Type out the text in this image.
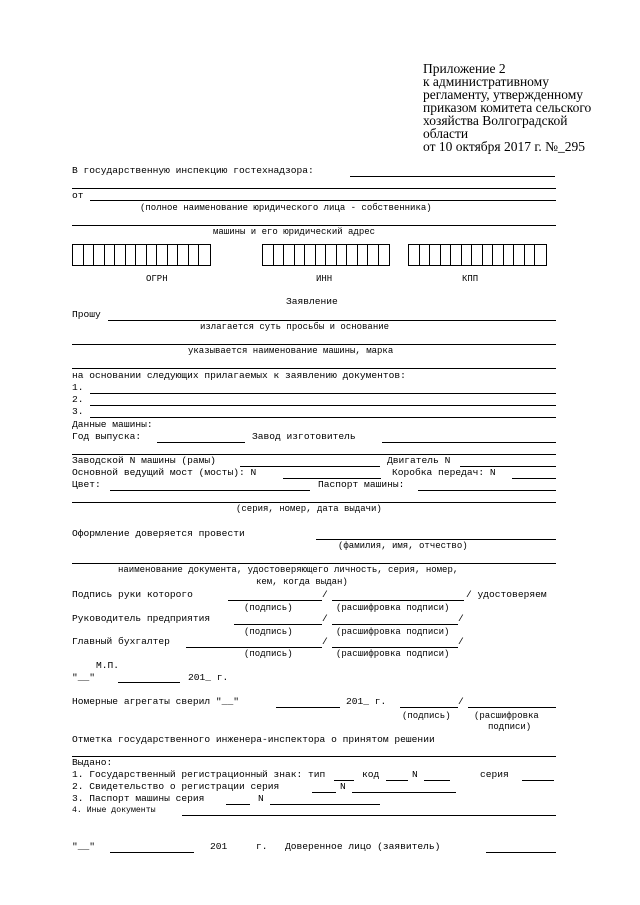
Приложение 2
к административному
регламенту, утвержденному
приказом комитета сельского
хозяйства Волгоградской
области
от 10 октября 2017 г. №_295
В государственную инспекцию гостехнадзора:
от
(полное наименование юридического лица - собственника)
машины и его юридический адрес
ОГРН	ИНН	КПП
Заявление
Прошу
излагается суть просьбы и основание
указывается наименование машины, марка
на основании следующих прилагаемых к заявлению документов:
1.
2.
3.
Данные машины:
Год выпуска:	Завод изготовитель
Заводской N машины (рамы)	Двигатель N
Основной ведущий мост (мосты): N	Коробка передач: N
Цвет:	Паспорт машины:
(серия, номер, дата выдачи)
Оформление доверяется провести
(фамилия, имя, отчество)
наименование документа, удостоверяющего личность, серия, номер,
кем, когда выдан)
Подпись руки которого	/	/ удостоверяем
(подпись)	(расшифровка подписи)
Руководитель предприятия	/	/
(подпись)	(расшифровка подписи)
Главный бухгалтер	/	/
(подпись)	(расшифровка подписи)
М.П.
"__"	201_ г.
Номерные агрегаты сверил "__"	201_ г.	/
(подпись)	(расшифровка
подписи)
Отметка государственного инженера-инспектора о принятом решении
Выдано:
1. Государственный регистрационный знак: тип	код	N	серия
2. Свидетельство о регистрации серия	N
3. Паспорт машины серия	N
4. Иные документы
"__"	201	г. Доверенное лицо (заявитель)
